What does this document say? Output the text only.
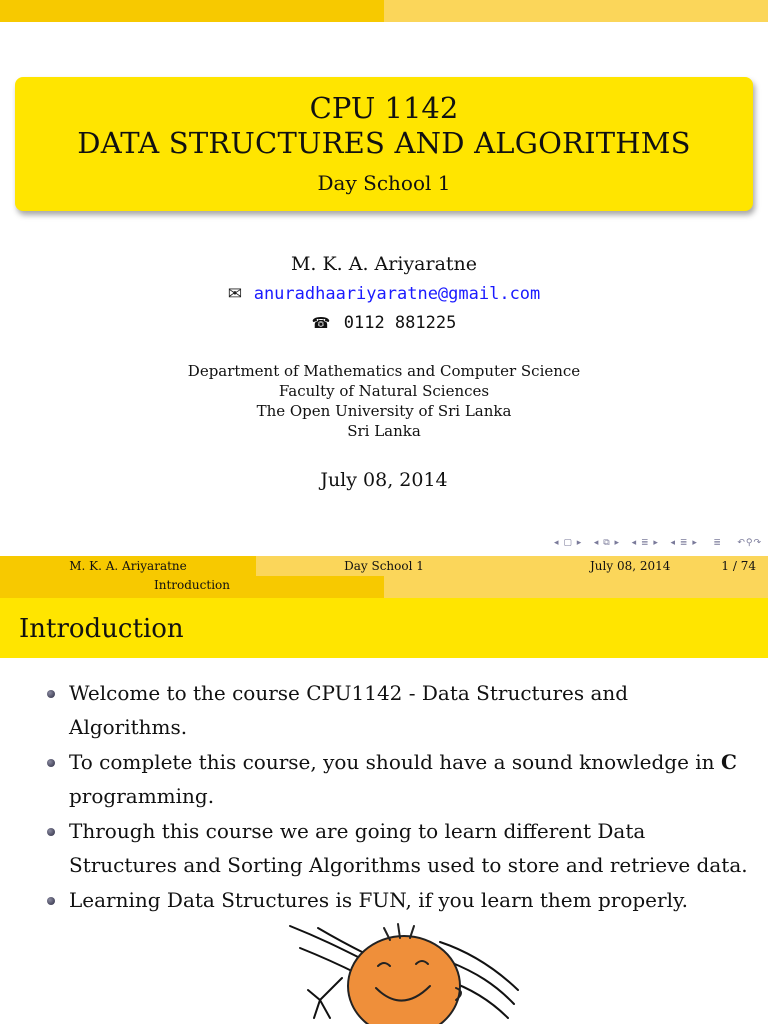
CPU 1142
DATA STRUCTURES AND ALGORITHMS
Day School 1
M. K. A. Ariyaratne
✉ anuradhaariyaratne@gmail.com
☎ 0112 881225
Department of Mathematics and Computer Science
Faculty of Natural Sciences
The Open University of Sri Lanka
Sri Lanka
July 08, 2014
◂ ▢ ▸ ◂ ⧉ ▸ ◂ ≣ ▸ ◂ ≣ ▸ ≣ ↶⚲↷
M. K. A. Ariyaratne	Day School 1	July 08, 2014	1 / 74
Introduction
Introduction
Welcome to the course CPU1142 - Data Structures and Algorithms.
To complete this course, you should have a sound knowledge in C programming.
Through this course we are going to learn different Data Structures and Sorting Algorithms used to store and retrieve data.
Learning Data Structures is FUN, if you learn them properly.
